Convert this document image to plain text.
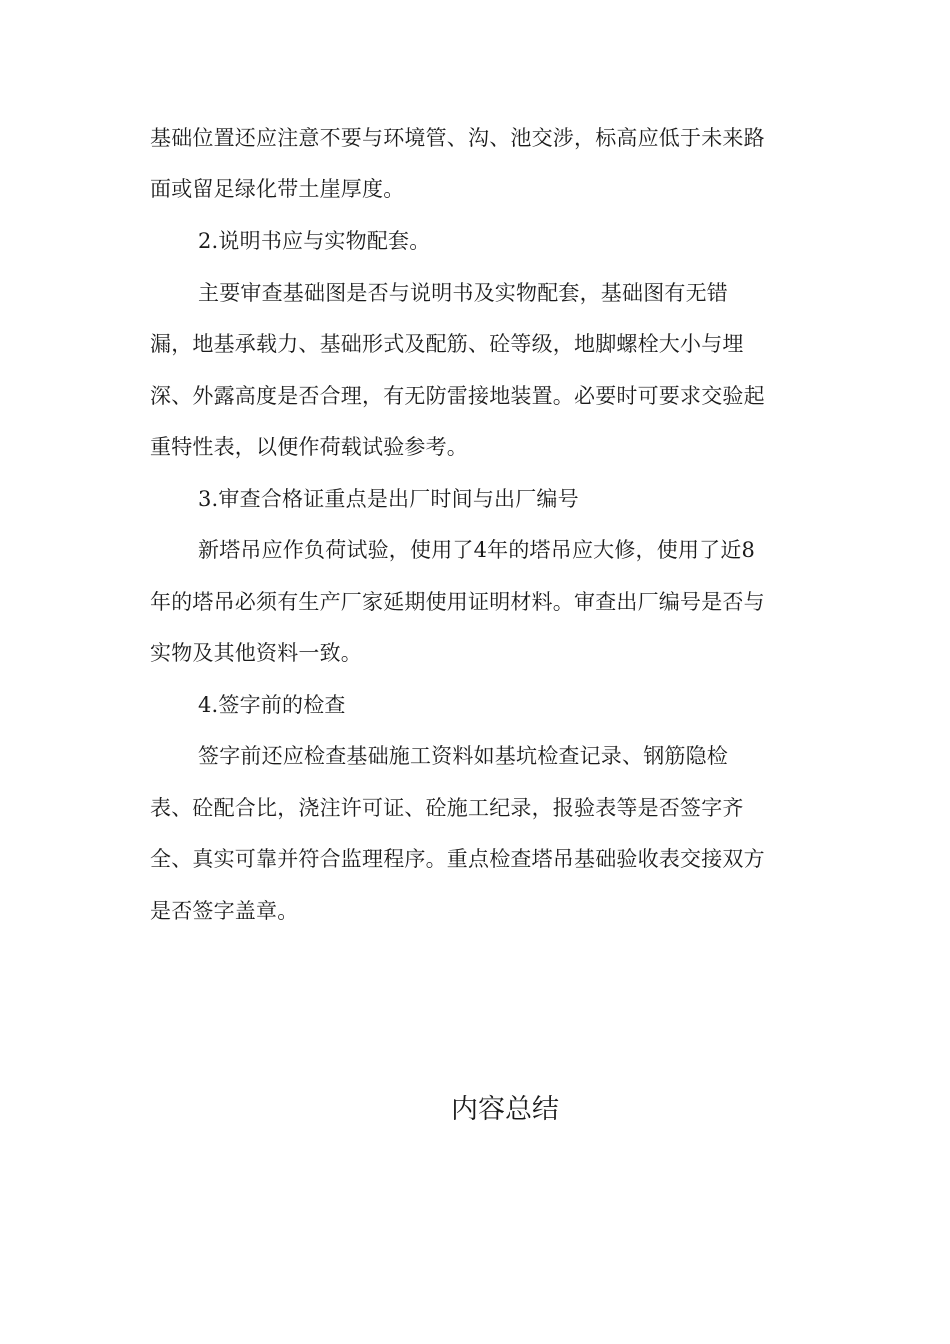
基础位置还应注意不要与环境管、沟、池交涉，标高应低于未来路
面或留足绿化带土崖厚度。
2.说明书应与实物配套。
主要审查基础图是否与说明书及实物配套，基础图有无错
漏，地基承载力、基础形式及配筋、砼等级，地脚螺栓大小与埋
深、外露高度是否合理，有无防雷接地装置。必要时可要求交验起
重特性表，以便作荷载试验参考。
3.审查合格证重点是出厂时间与出厂编号
新塔吊应作负荷试验，使用了4年的塔吊应大修，使用了近8
年的塔吊必须有生产厂家延期使用证明材料。审查出厂编号是否与
实物及其他资料一致。
4.签字前的检查
签字前还应检查基础施工资料如基坑检查记录、钢筋隐检
表、砼配合比，浇注许可证、砼施工纪录，报验表等是否签字齐
全、真实可靠并符合监理程序。重点检查塔吊基础验收表交接双方
是否签字盖章。
内容总结
